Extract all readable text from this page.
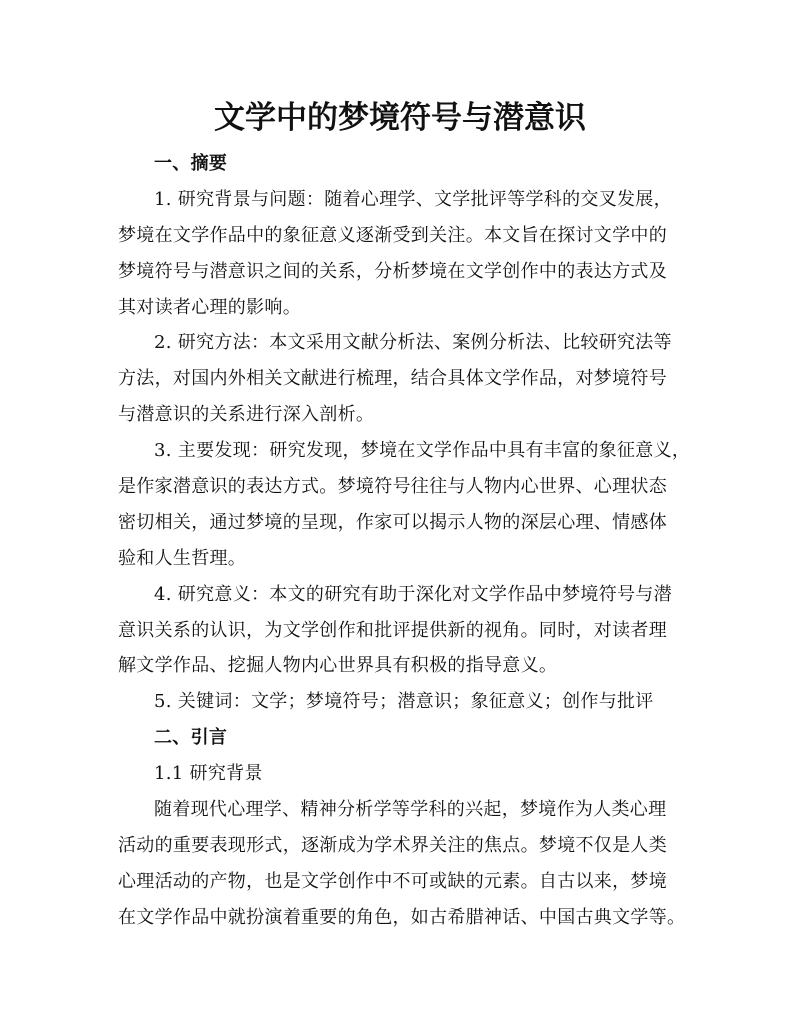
文学中的梦境符号与潜意识
一、摘要
1. 研究背景与问题：随着心理学、文学批评等学科的交叉发展，
梦境在文学作品中的象征意义逐渐受到关注。本文旨在探讨文学中的
梦境符号与潜意识之间的关系，分析梦境在文学创作中的表达方式及
其对读者心理的影响。
2. 研究方法：本文采用文献分析法、案例分析法、比较研究法等
方法，对国内外相关文献进行梳理，结合具体文学作品，对梦境符号
与潜意识的关系进行深入剖析。
3. 主要发现：研究发现，梦境在文学作品中具有丰富的象征意义，
是作家潜意识的表达方式。梦境符号往往与人物内心世界、心理状态
密切相关，通过梦境的呈现，作家可以揭示人物的深层心理、情感体
验和人生哲理。
4. 研究意义：本文的研究有助于深化对文学作品中梦境符号与潜
意识关系的认识，为文学创作和批评提供新的视角。同时，对读者理
解文学作品、挖掘人物内心世界具有积极的指导意义。
5. 关键词：文学；梦境符号；潜意识；象征意义；创作与批评
二、引言
1.1 研究背景
随着现代心理学、精神分析学等学科的兴起，梦境作为人类心理
活动的重要表现形式，逐渐成为学术界关注的焦点。梦境不仅是人类
心理活动的产物，也是文学创作中不可或缺的元素。自古以来，梦境
在文学作品中就扮演着重要的角色，如古希腊神话、中国古典文学等。
